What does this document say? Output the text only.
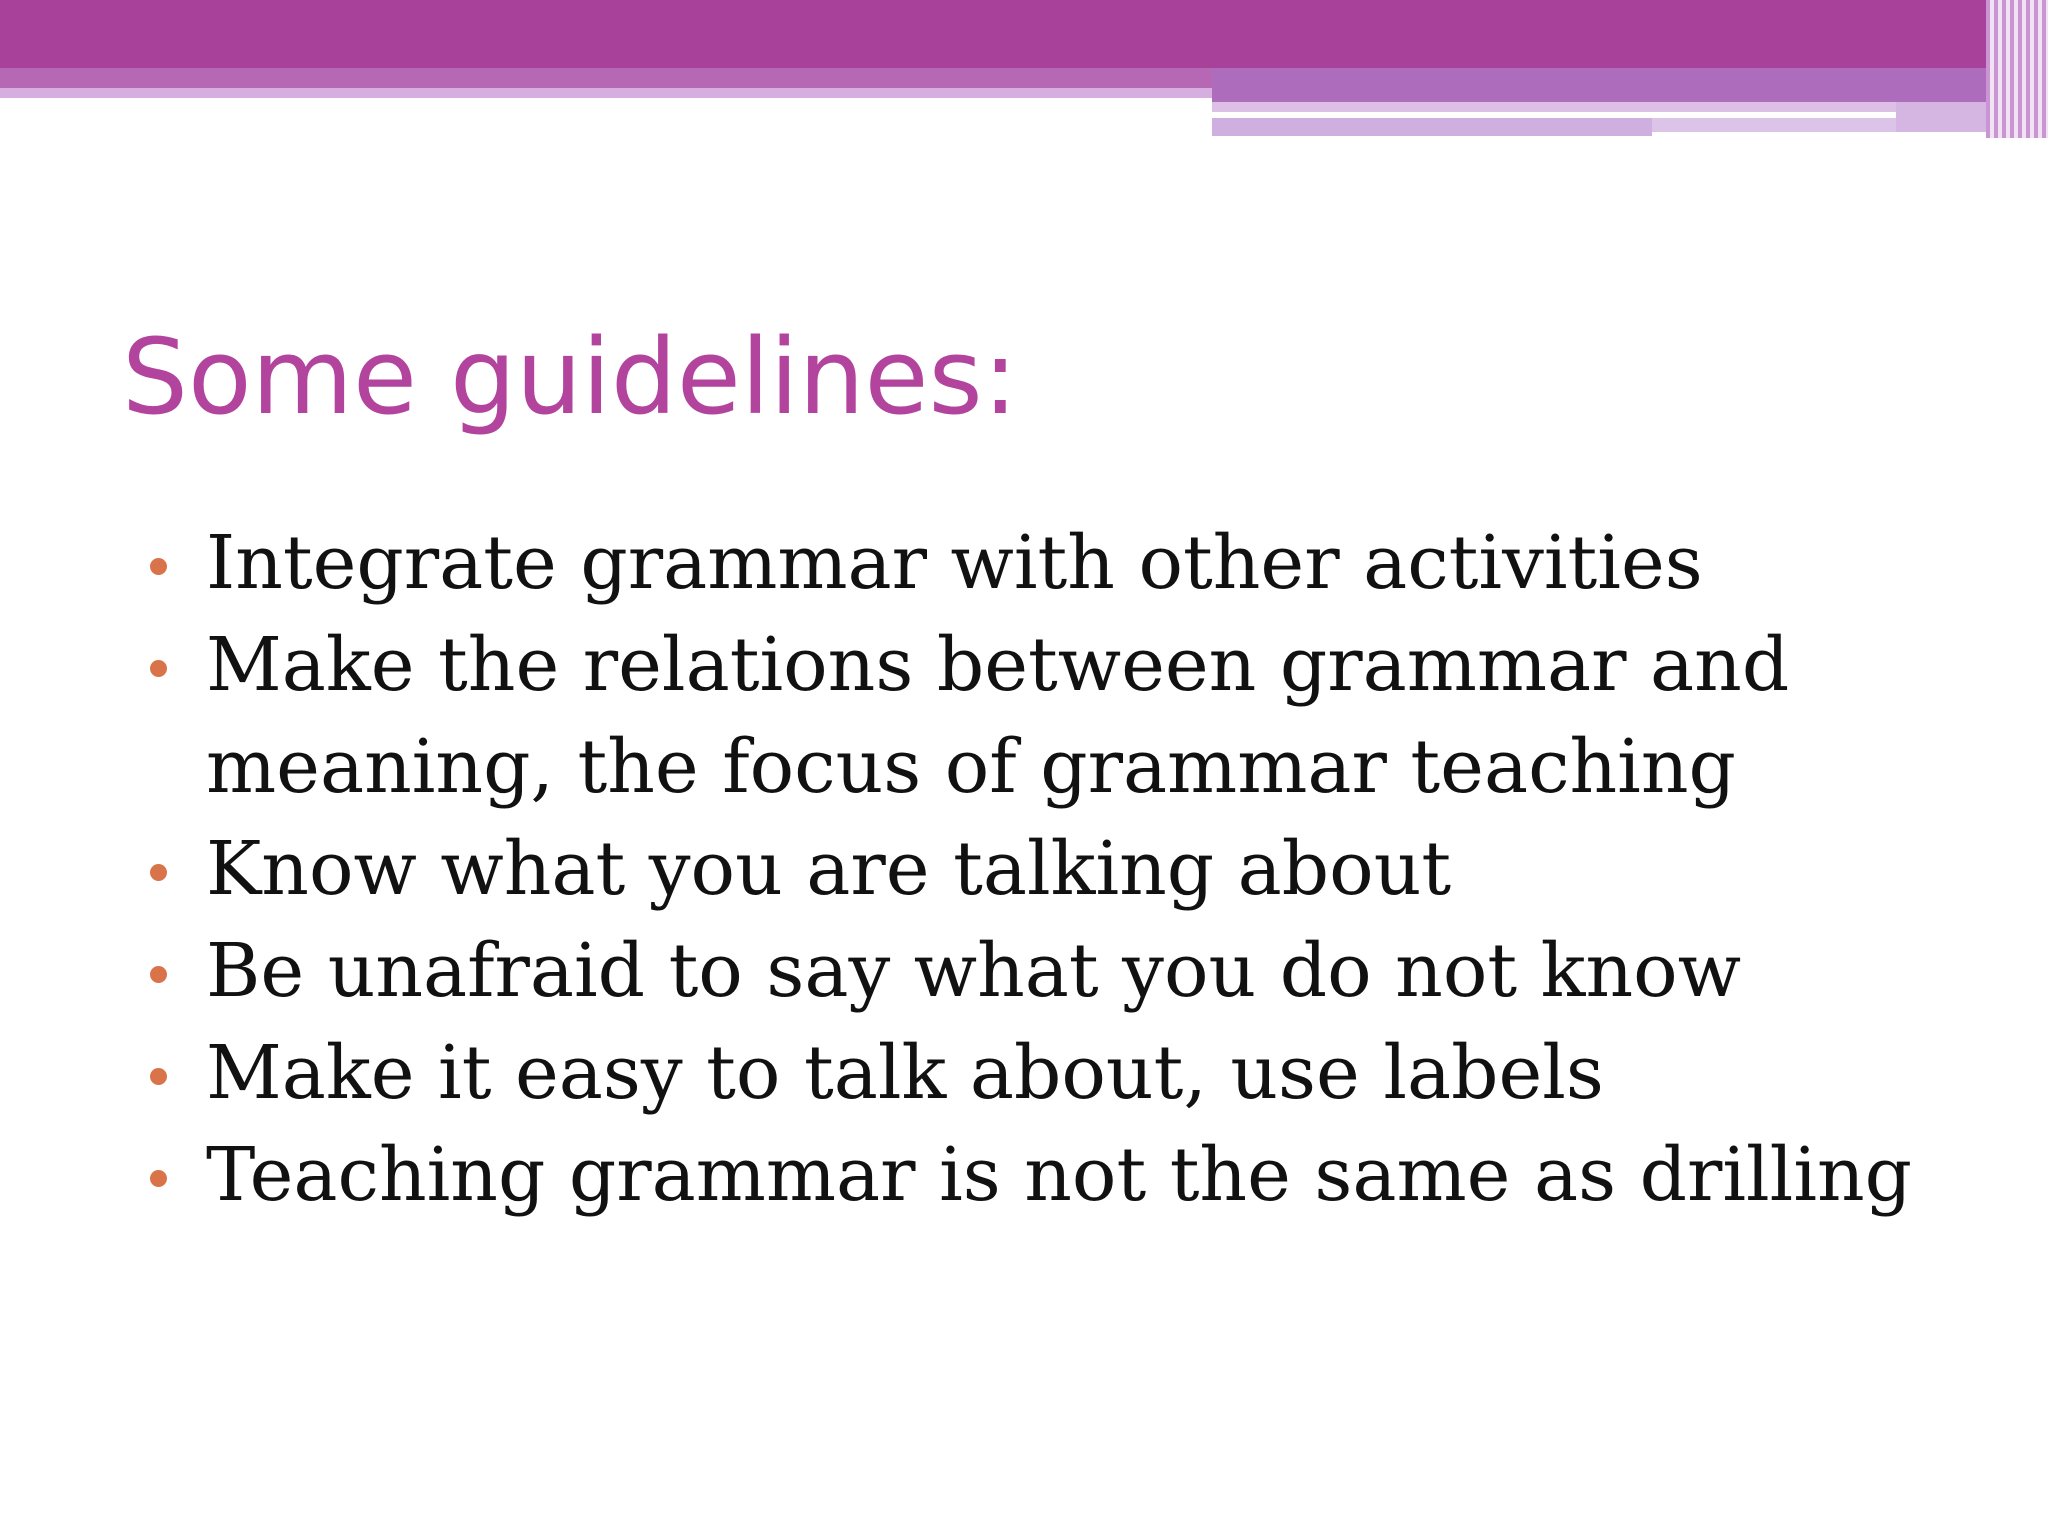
Some guidelines:
Integrate grammar with other activities
Make the relations between grammar and
meaning, the focus of grammar teaching
Know what you are talking about
Be unafraid to say what you do not know
Make it easy to talk about, use labels
Teaching grammar is not the same as drilling
